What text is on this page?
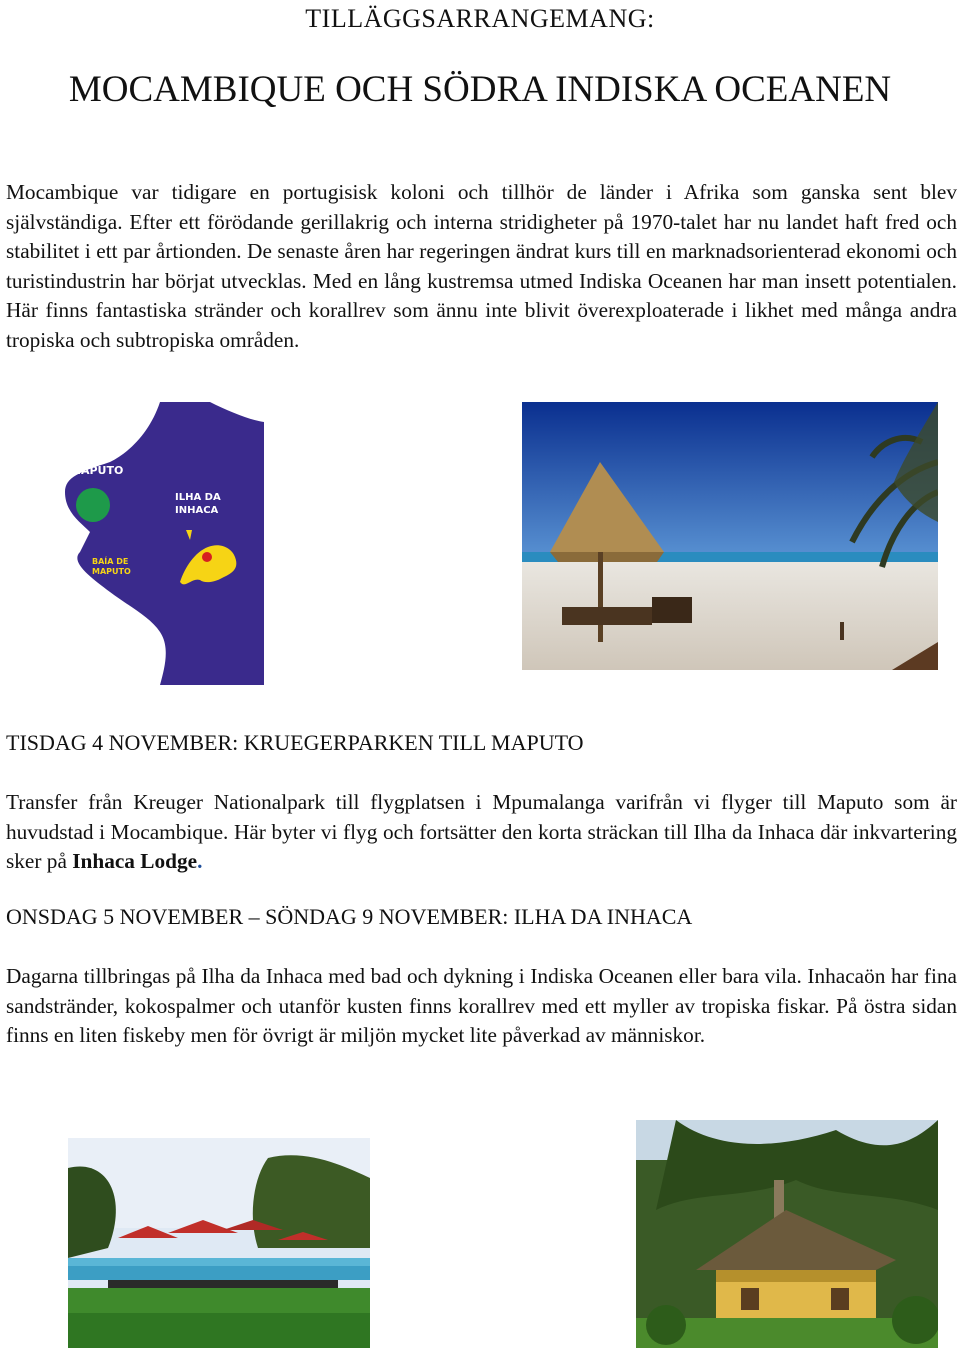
TILLÄGGSARRANGEMANG:
MOCAMBIQUE OCH SÖDRA INDISKA OCEANEN
Mocambique var tidigare en portugisisk koloni och tillhör de länder i Afrika som ganska sent blev självständiga. Efter ett förödande gerillakrig och interna stridigheter på 1970-talet har nu landet haft fred och stabilitet i ett par årtionden. De senaste åren har regeringen ändrat kurs till en marknadsorienterad ekonomi och turistindustrin har börjat utvecklas. Med en lång kustremsa utmed Indiska Oceanen har man insett potentialen. Här finns fantastiska stränder och korallrev som ännu inte blivit överexploaterade i likhet med många andra tropiska och subtropiska områden.
MAPUTO
ILHA DA
INHACA
BAÍA DE
MAPUTO
TISDAG 4 NOVEMBER: KRUEGERPARKEN TILL MAPUTO
Transfer från Kreuger Nationalpark till flygplatsen i Mpumalanga varifrån vi flyger till Maputo som är huvudstad i Mocambique. Här byter vi flyg och fortsätter den korta sträckan till Ilha da Inhaca där inkvartering sker på Inhaca Lodge.
ONSDAG 5 NOVEMBER – SÖNDAG 9 NOVEMBER: ILHA DA INHACA
Dagarna tillbringas på Ilha da Inhaca med bad och dykning i Indiska Oceanen eller bara vila. Inhacaön har fina sandstränder, kokospalmer och utanför kusten finns korallrev med ett myller av tropiska fiskar. På östra sidan finns en liten fiskeby men för övrigt är miljön mycket lite påverkad av människor.
